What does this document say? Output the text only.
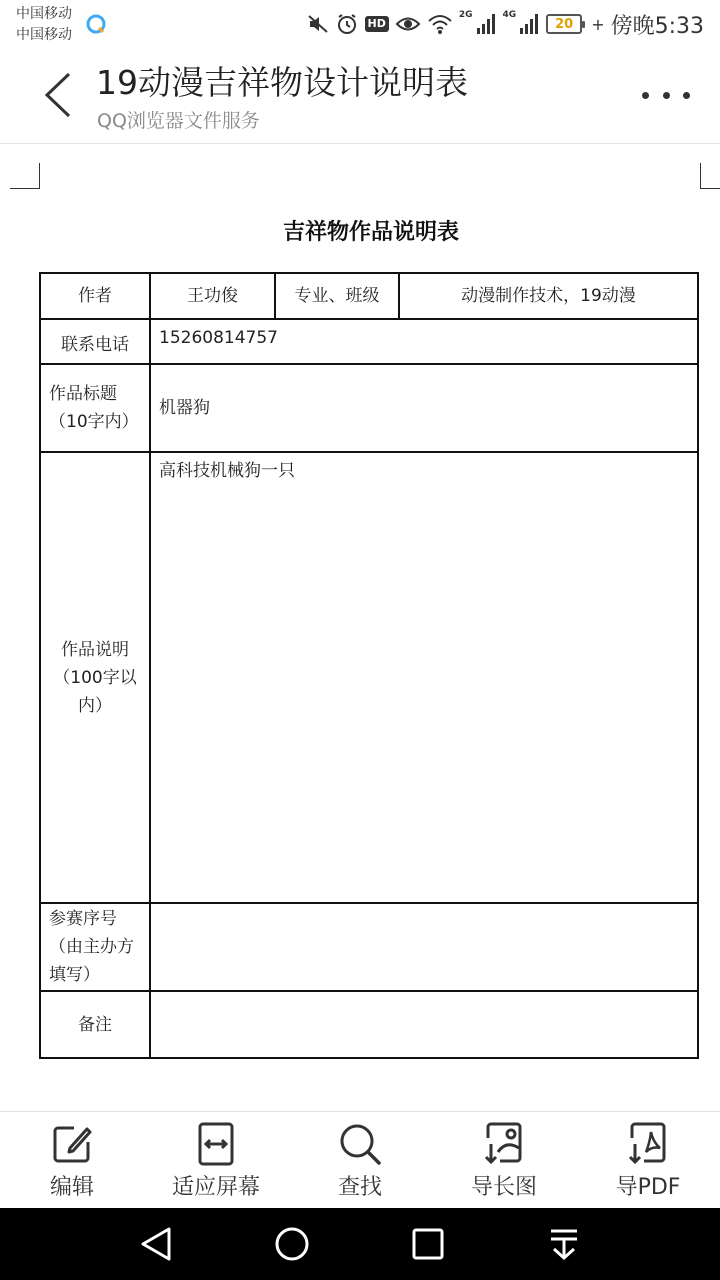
中国移动
中国移动
HD
2G	4G
20 + 傍晚5:33
19动漫吉祥物设计说明表
QQ浏览器文件服务
吉祥物作品说明表
作者	王功俊	专业、班级	动漫制作技术，19动漫
联系电话	15260814757		
作品标题（10字内）	机器狗		
作品说明（100字以内）	高科技机械狗一只		
参赛序号（由主办方填写）			
备注			
编辑	适应屏幕	查找	导长图	导PDF
